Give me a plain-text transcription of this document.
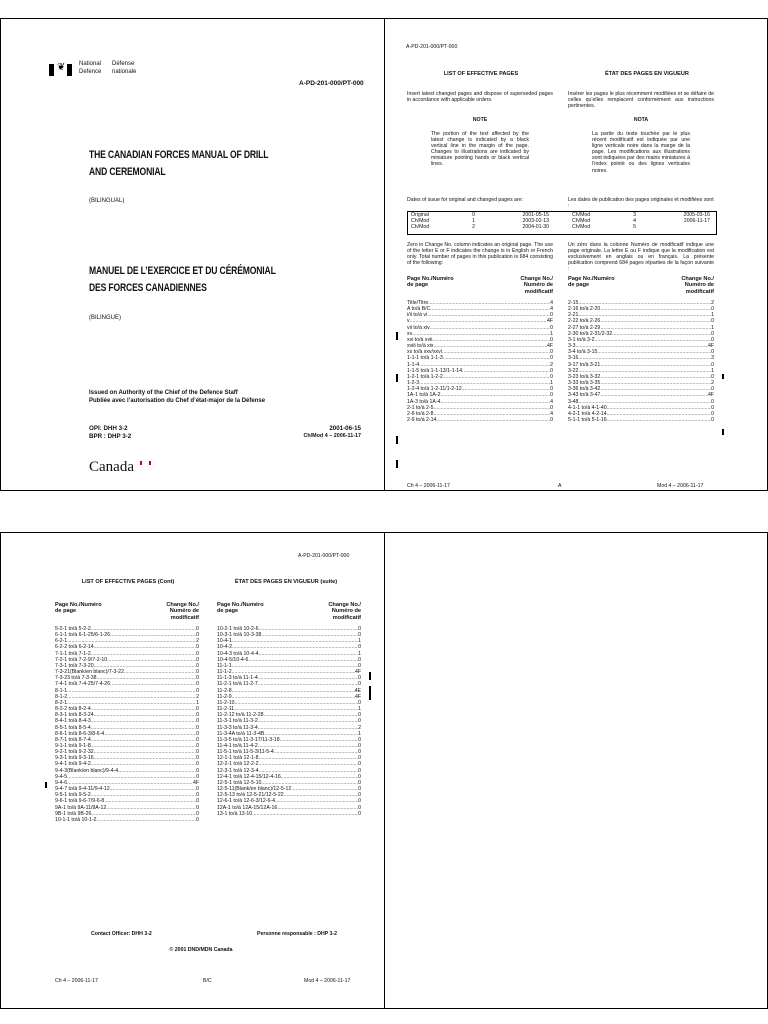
❦ National
Defence
Défense
nationale
A-PD-201-000/PT-000
THE CANADIAN FORCES MANUAL OF DRILL
AND CEREMONIAL
(BILINGUAL)
MANUEL DE L’EXERCICE ET DU CÉRÉMONIAL
DES FORCES CANADIENNES
(BILINGUE)
Issued on Authority of the Chief of the Defence Staff
Publiée avec l’autorisation du Chef d’état-major de la Défense
OPI: DHH 3-2
BPR : DHP 3-2
2001-06-15
Ch/Mod 4 – 2006-11-17
Canada
A-PD-201-000/PT-000
LIST OF EFFECTIVE PAGES	ÉTAT DES PAGES EN VIGUEUR
Insert latest changed pages and dispose of superseded pages in accordance with applicable orders.
Insérer les pages le plus récemment modifiées et se défaire de celles qu’elles remplacent conformément aux instructions pertinentes.
NOTE	NOTA
The portion of the text affected by the latest change is indicated by a black vertical line in the margin of the page. Changes to illustrations are indicated by miniature pointing hands or black vertical lines.
La partie du texte touchée par le plus récent modificatif est indiquée par une ligne verticale noire dans la marge de la page. Les modifications aux illustrations sont indiquées par des mains miniatures à l’index pointé ou des lignes verticales noires.
Dates of issue for original and changed pages are:	Les dates de publication des pages originales et modifiées sont :
Original	0	2001-05-15
Ch/Mod	1	2003-02-13
Ch/Mod	2	2004-01-30
Ch/Mod	3	2005-03-16
Ch/Mod	4	2006-11-17
Ch/Mod	5
Zero in Change No. column indicates an original page. The use of the letter E or F indicates the change is in English or French only. Total number of pages in this publication is 684 consisting of the following:
Un zéro dans la colonne Numéro de modificatif indique une page originale. La lettre E ou F indique que la modification est exclusivement en anglais ou en français. La présente publication comprend 684 pages réparties de la façon suivante :
Page No./Numéro
de page
Change No./
Numéro de
modificatif
Page No./Numéro
de page
Change No./
Numéro de
modificatif
Title/Titre .....	4
A to/à B/C .....	4
i/ii to/à vi .....	0
v .....	4F
vii to/à xiv .....	0
xv .....	1
xvi to/à xvii .....	0
xviii to/à xix .....	4F
xx to/à xxv/xxvi .....	0
1-1-1 to/à 1-1-3 .....	0
1-1-4 .....	2
1-1-5 to/à 1-1-13/1-1-14 .....	0
1-2-1 to/à 1-2-2 .....	0
1-2-3 .....	1
1-2-4 to/à 1-2-11/1-2-12 .....	0
1A-1 to/à 1A-2 .....	0
1A-3 to/à 1A-4 .....	4
2-1 to/à 2-5 .....	0
2-6 to/à 2-8 .....	4
2-9 to/à 2-14 .....	0
2-15 .....	2
2-16 to/à 2-20 .....	0
2-21 .....	1
2-22 to/à 2-26 .....	0
2-27 to/à 2-29 .....	1
2-30 to/à 2-31/2-32 .....	0
3-1 to/à 3-2 .....	0
3-3 .....	4F
3-4 to/à 3-15 .....	0
3-16 .....	3
3-17 to/à 3-21 .....	0
3-22 .....	1
3-23 to/à 3-32 .....	0
3-33 to/à 3-35 .....	2
3-36 to/à 3-42 .....	0
3-43 to/à 3-47 .....	4F
3-48 .....	0
4-1-1 to/à 4-1-40 .....	0
4-2-1 to/à 4-2-14 .....	0
5-1-1 to/à 5-1-16 .....	0
Ch 4 – 2006-11-17	A	Mod 4 – 2006-11-17
A-PD-201-000/PT-000
LIST OF EFFECTIVE PAGES (Cont)	ÉTAT DES PAGES EN VIGUEUR (suite)
Page No./Numéro
de page
Change No./
Numéro de
modificatif
Page No./Numéro
de page
Change No./
Numéro de
modificatif
5-2-1 to/à 5-2-2 .....	0
6-1-1 to/à 6-1-25/6-1-26 .....	0
6-2-1 .....	2
6-2-2 to/à 6-2-14 .....	0
7-1-1 to/à 7-1-2 .....	0
7-2-1 to/à 7-2-9/7-2-10 .....	0
7-3-1 to/à 7-3-20 .....	0
7-3-21(Blank/en blanc)/7-3-22 .....	0
7-3-23 to/à 7-3-38 .....	0
7-4-1 to/à 7-4-25/7-4-26 .....	0
8-1-1 .....	0
8-1-2 .....	2
8-2-1 .....	1
8-2-2 to/à 8-2-4 .....	0
8-3-1 to/à 8-3-24 .....	0
8-4-1 to/à 8-4-3 .....	0
8-5-1 to/à 8-5-4 .....	0
8-6-1 to/à 8-6-3/8-6-4 .....	0
8-7-1 to/à 8-7-4 .....	0
9-1-1 to/à 9-1-8 .....	0
9-2-1 to/à 9-2-32 .....	0
9-3-1 to/à 9-3-16 .....	0
9-4-1 to/à 9-4-2 .....	0
9-4-3(Blank/en blanc)/9-4-4 .....	0
9-4-5 .....	0
9-4-6 .....	4F
9-4-7 to/à 9-4-11/9-4-12 .....	0
9-5-1 to/à 9-5-2 .....	0
9-6-1 to/à 9-6-7/9-6-8 .....	0
9A-1 to/à 9A-11/9A-12 .....	0
9B-1 to/à 9B-26 .....	0
10-1-1 to/à 10-1-2 .....	0
10-2-1 to/à 10-2-6 .....	0
10-3-1 to/à 10-3-38 .....	0
10-4-1 .....	1
10-4-2 .....	0
10-4-3 to/à 10-4-4 .....	1
10-4-5/10-4-6 .....	0
11-1-1 .....	0
11-1-2 .....	4F
11-1-3 to/à 11-1-4 .....	0
11-2-1 to/à 11-2-7 .....	0
11-2-8 .....	4E
11-2-9 .....	4F
11-2-10 .....	0
11-2-11 .....	1
11-2-12 to/à 11-2-28 .....	0
11-3-1 to/à 11-3-2 .....	0
11-3-3 to/à 11-3-4 .....	2
11-3-4A to/à 11-3-4B .....	1
11-3-5 to/à 11-3-17/11-3-18 .....	0
11-4-1 to/à 11-4-2 .....	0
11-5-1 to/à 11-5-3/11-5-4 .....	0
12-1-1 to/à 12-1-8 .....	0
12-2-1 to/à 12-2-2 .....	0
12-3-1 to/à 12-3-4 .....	0
12-4-1 to/à 12-4-15/12-4-16 .....	0
12-5-1 to/à 12-5-10 .....	0
12-5-11(Blank/en blanc)/12-5-12 .....	0
12-5-13 to/à 12-5-21/12-5-22 .....	0
12-6-1 to/à 12-6-3/12-6-4 .....	0
12A-1 to/à 12A-15/12A-16 .....	0
13-1 to/à 13-10 .....	0
Contact Officer: DHH 3-2	Personne responsable : DHP 3-2
© 2001 DND/MDN Canada
Ch 4 – 2006-11-17	B/C	Mod 4 – 2006-11-17
